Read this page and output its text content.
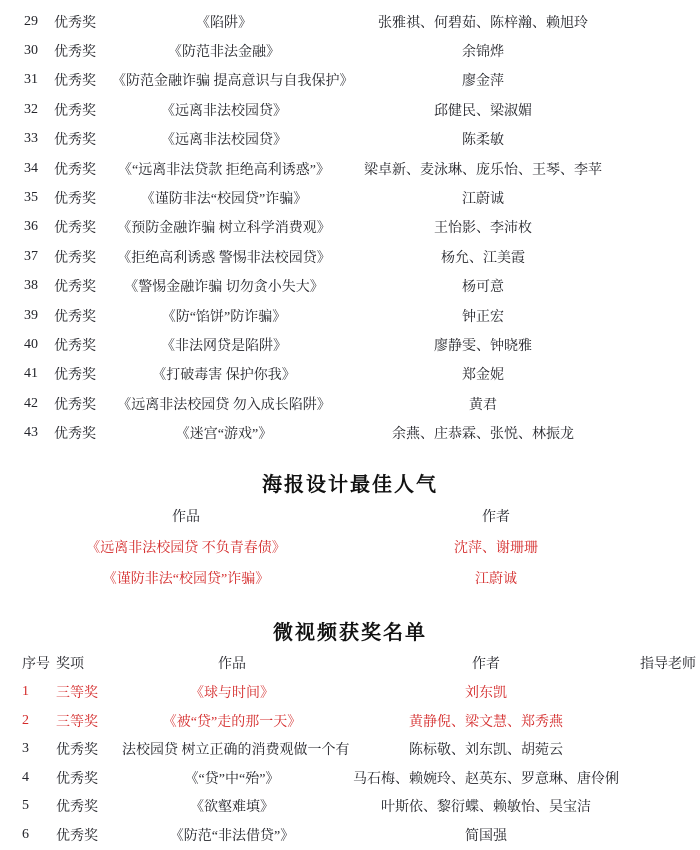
29	优秀奖	《陷阱》	张雅祺、何碧茹、陈梓瀚、赖旭玲
30	优秀奖	《防范非法金融》	余锦烨
31	优秀奖	《防范金融诈骗 提高意识与自我保护》	廖金萍
32	优秀奖	《远离非法校园贷》	邱健民、梁淑媚
33	优秀奖	《远离非法校园贷》	陈柔敏
34	优秀奖	《“远离非法贷款 拒绝高利诱惑”》	梁卓新、麦泳琳、庞乐怡、王琴、李苹
35	优秀奖	《谨防非法“校园贷”诈骗》	江蔚诚
36	优秀奖	《预防金融诈骗 树立科学消费观》	王怡影、李沛枚
37	优秀奖	《拒绝高利诱惑 警惕非法校园贷》	杨允、江美霞
38	优秀奖	《警惕金融诈骗 切勿贪小失大》	杨可意
39	优秀奖	《防“馅饼”防诈骗》	钟正宏
40	优秀奖	《非法网贷是陷阱》	廖静雯、钟晓雅
41	优秀奖	《打破毒害 保护你我》	郑金妮
42	优秀奖	《远离非法校园贷 勿入成长陷阱》	黄君
43	优秀奖	《迷宫“游戏”》	余燕、庄恭霖、张悦、林振龙
海报设计最佳人气
作品	作者
《远离非法校园贷 不负青春债》	沈萍、谢珊珊
《谨防非法“校园贷”诈骗》	江蔚诚
微视频获奖名单
序号 奖项	作品	作者	指导老师
1	三等奖	《球与时间》	刘东凯
2	三等奖	《被“贷”走的那一天》	黄静倪、梁文慧、郑秀燕
3	优秀奖	法校园贷 树立正确的消费观做一个有	陈标敬、刘东凯、胡菀云
4	优秀奖	《“贷”中“殆”》	马石梅、赖婉玲、赵英东、罗意琳、唐伶俐
5	优秀奖	《欲壑难填》	叶斯依、黎衍蝶、赖敏怡、吴宝洁
6	优秀奖	《防范“非法借贷”》	简国强
